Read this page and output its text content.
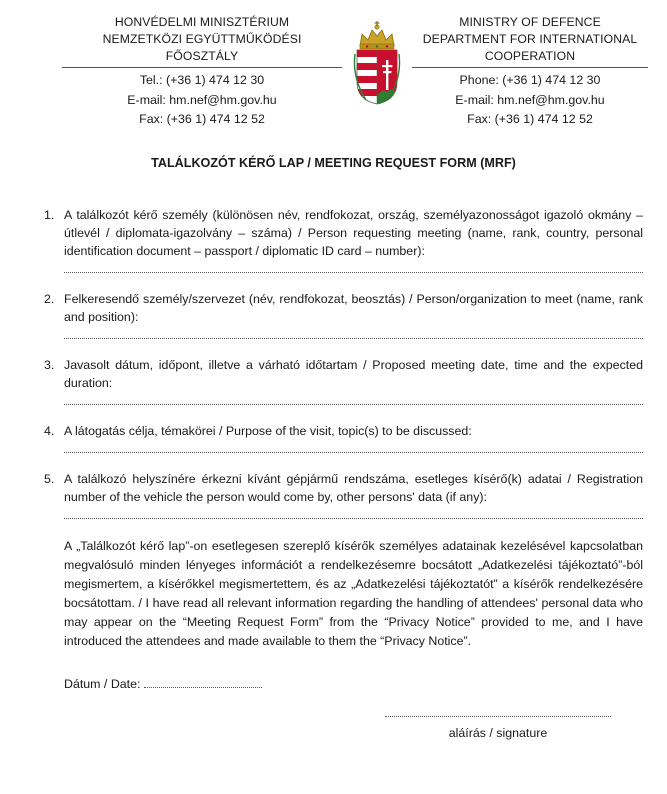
HONVÉDELMI MINISZTÉRIUM
NEMZETKÖZI EGYÜTTMŰKÖDÉSI
FŐOSZTÁLY
Tel.: (+36 1) 474 12 30
E-mail: hm.nef@hm.gov.hu
Fax: (+36 1) 474 12 52
MINISTRY OF DEFENCE
DEPARTMENT FOR INTERNATIONAL
COOPERATION
Phone: (+36 1) 474 12 30
E-mail: hm.nef@hm.gov.hu
Fax: (+36 1) 474 12 52
TALÁLKOZÓT KÉRŐ LAP / MEETING REQUEST FORM (MRF)
1. A találkozót kérő személy (különösen név, rendfokozat, ország, személyazonosságot igazoló okmány – útlevél / diplomata-igazolvány – száma) / Person requesting meeting (name, rank, country, personal identification document – passport / diplomatic ID card – number):
2. Felkeresendő személy/szervezet (név, rendfokozat, beosztás) / Person/organization to meet (name, rank and position):
3. Javasolt dátum, időpont, illetve a várható időtartam / Proposed meeting date, time and the expected duration:
4. A látogatás célja, témakörei / Purpose of the visit, topic(s) to be discussed:
5. A találkozó helyszínére érkezni kívánt gépjármű rendszáma, esetleges kísérő(k) adatai / Registration number of the vehicle the person would come by, other persons' data (if any):
A „Találkozót kérő lap”-on esetlegesen szereplő kísérők személyes adatainak kezelésével kapcsolatban megvalósuló minden lényeges információt a rendelkezésemre bocsátott „Adatkezelési tájékoztató”-ból megismertem, a kísérőkkel megismertettem, és az „Adatkezelési tájékoztatót” a kísérők rendelkezésére bocsátottam. / I have read all relevant information regarding the handling of attendees' personal data who may appear on the “Meeting Request Form” from the “Privacy Notice” provided to me, and I have introduced the attendees and made available to them the “Privacy Notice”.
Dátum / Date:
aláírás / signature
